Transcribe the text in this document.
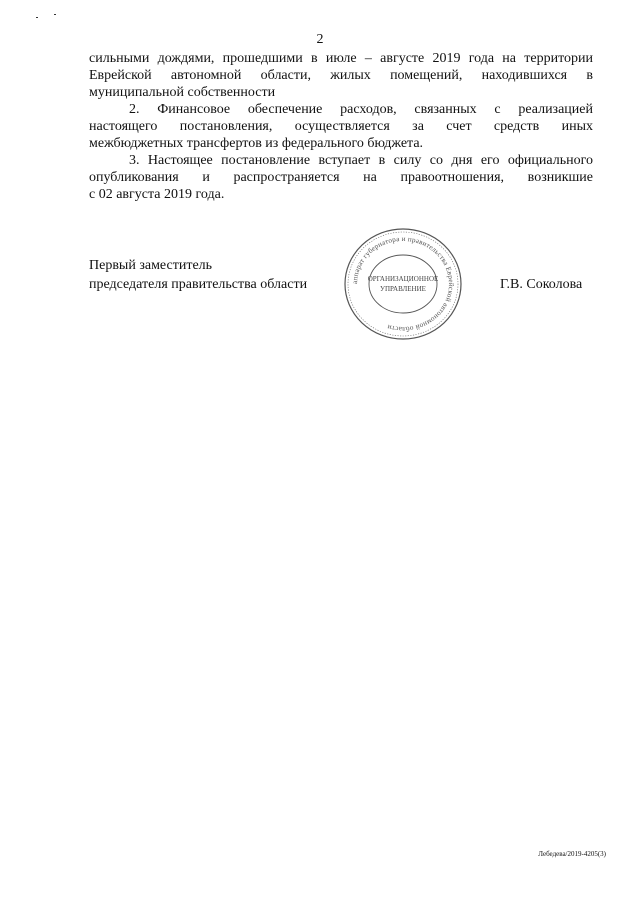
2
сильными дождями, прошедшими в июле – августе 2019 года на территории
Еврейской автономной области, жилых помещений, находившихся в
муниципальной собственности
2. Финансовое обеспечение расходов, связанных с реализацией
настоящего постановления, осуществляется за счет средств иных
межбюджетных трансфертов из федерального бюджета.
3. Настоящее постановление вступает в силу со дня его официального
опубликования и распространяется на правоотношения, возникшие
с 02 августа 2019 года.
Первый заместитель
председателя правительства области	Г.В. Соколова
аппарат губернатора и правительства Еврейской автономной области
ОРГАНИЗАЦИОННОЕ
УПРАВЛЕНИЕ
Лебедева/2019-4205(3)
